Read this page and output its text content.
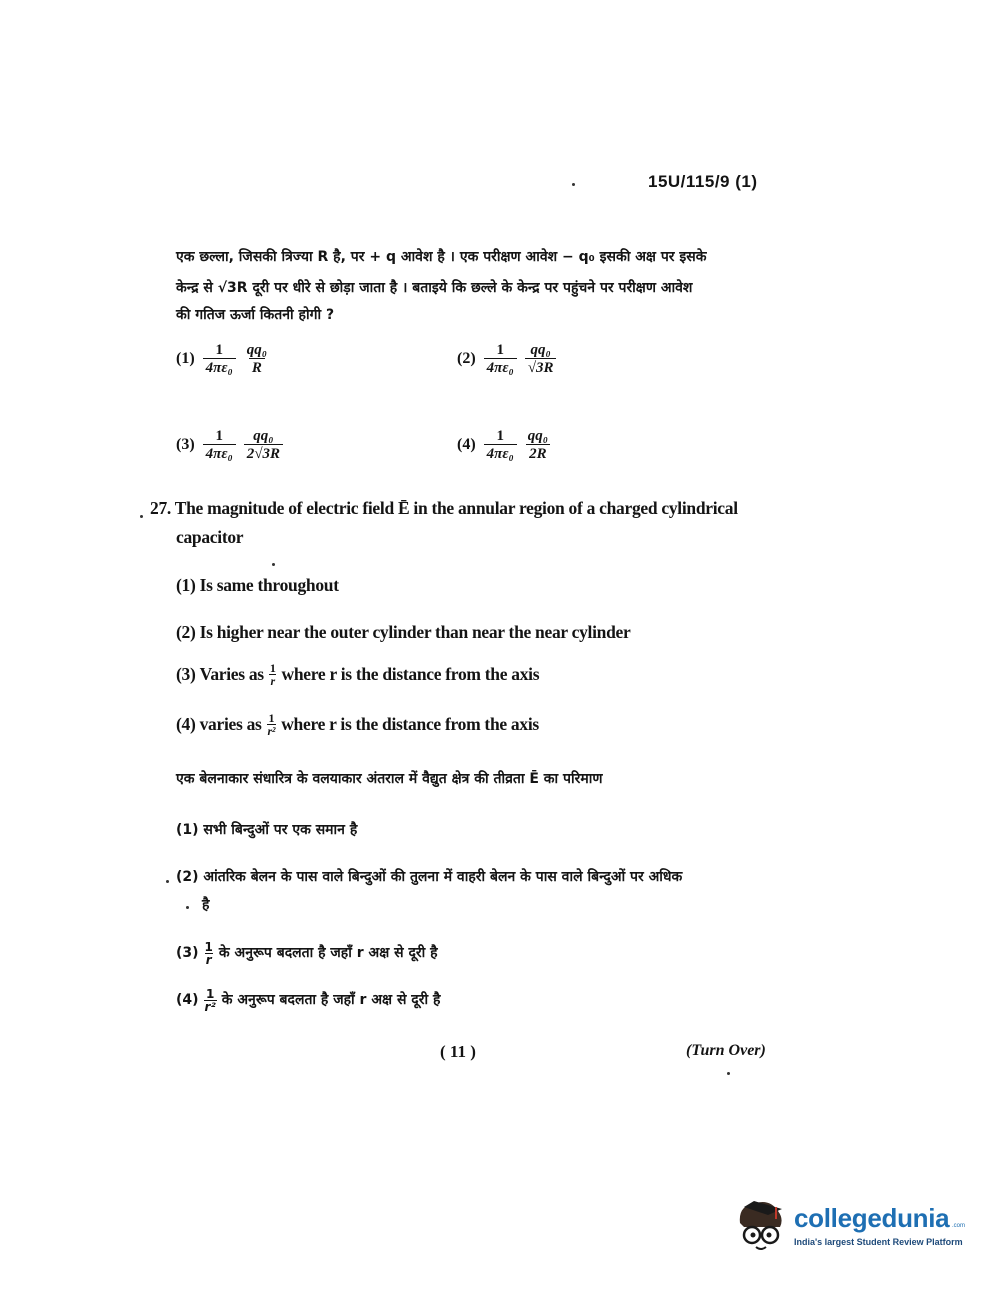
15U/115/9 (1)
एक छल्ला, जिसकी त्रिज्या R है, पर + q आवेश है । एक परीक्षण आवेश − q₀ इसकी अक्ष पर इसके
केन्द्र से √3R दूरी पर धीरे से छोड़ा जाता है । बताइये कि छल्ले के केन्द्र पर पहुंचने पर परीक्षण आवेश
की गतिज ऊर्जा कितनी होगी ?
$(1) \frac{1}{\text{4πε₀}} \frac{\text{qq₀}}{R}$	$(2) \frac{1}{\text{4πε₀}} \frac{\text{qq₀}}{√3R}$
$(3) \frac{1}{\text{4πε₀}} \frac{\text{qq₀}}{2√3R}$	$(4) \frac{1}{\text{4πε₀}} \frac{\text{qq₀}}{2R}$
27. The magnitude of electric field Ē in the annular region of a charged cylindrical
capacitor
(1) Is same throughout
(2) Is higher near the outer cylinder than near the near cylinder
(3)
Varies as $\frac{1}{r}$ where r is the distance from the axis
(4)
varies as $\frac{1}{\text{r²}}$ where r is the distance from the axis
एक बेलनाकार संधारित्र के वलयाकार अंतराल में वैद्युत क्षेत्र की तीव्रता Ē का परिमाण
(1) सभी बिन्दुओं पर एक समान है
(2) आंतरिक बेलन के पास वाले बिन्दुओं की तुलना में वाहरी बेलन के पास वाले बिन्दुओं पर अधिक
है
$(3) \frac{1}{r}$ के अनुरूप बदलता है जहाँ r अक्ष से दूरी है
$(4) \frac{1}{\text{r²}}$ के अनुरूप बदलता है जहाँ r अक्ष से दूरी है
( 11 )	(Turn Over)
collegedunia .com
India's largest Student Review Platform
